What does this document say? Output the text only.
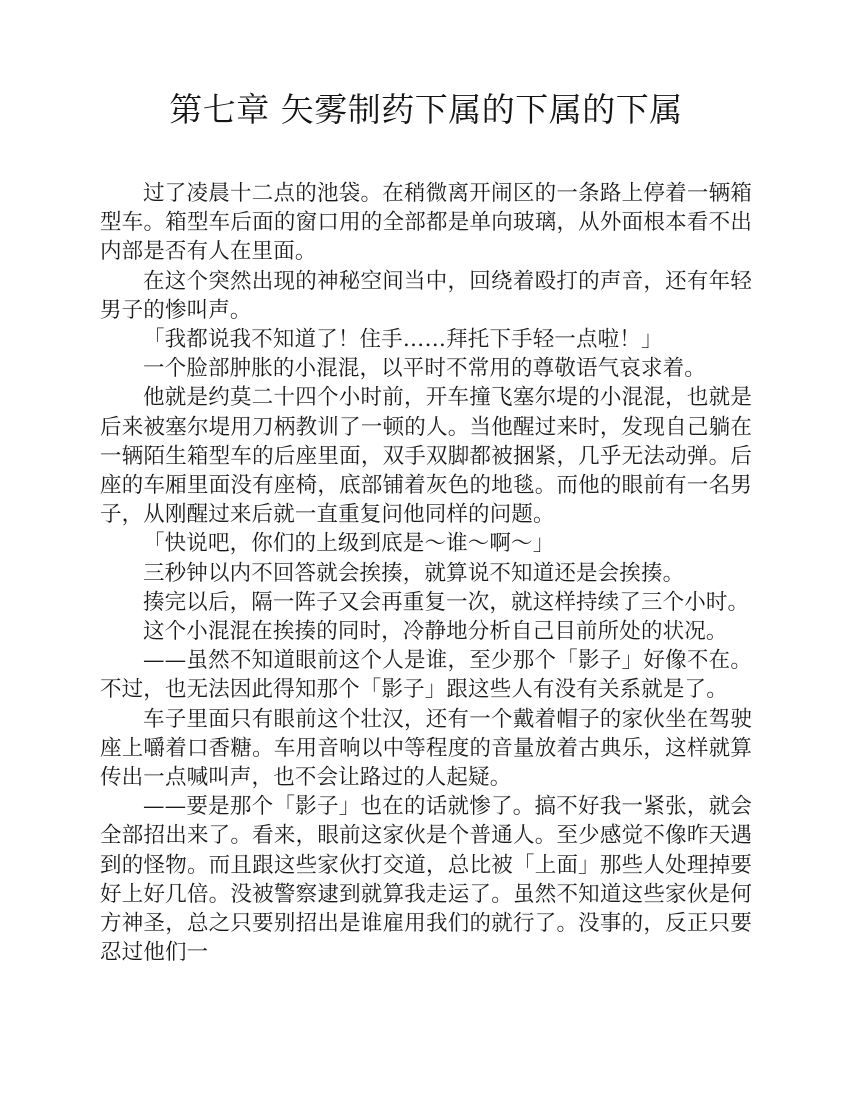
第七章 矢雾制药下属的下属的下属

过了凌晨十二点的池袋。在稍微离开闹区的一条路上停着一辆箱型车。箱型车后面的窗口用的全部都是单向玻璃，从外面根本看不出内部是否有人在里面。

在这个突然出现的神秘空间当中，回绕着殴打的声音，还有年轻男子的惨叫声。

「我都说我不知道了！住手……拜托下手轻一点啦！」

一个脸部肿胀的小混混，以平时不常用的尊敬语气哀求着。

他就是约莫二十四个小时前，开车撞飞塞尔堤的小混混，也就是后来被塞尔堤用刀柄教训了一顿的人。当他醒过来时，发现自己躺在一辆陌生箱型车的后座里面，双手双脚都被捆紧，几乎无法动弹。后座的车厢里面没有座椅，底部铺着灰色的地毯。而他的眼前有一名男子，从刚醒过来后就一直重复问他同样的问题。

「快说吧，你们的上级到底是～谁～啊～」

三秒钟以内不回答就会挨揍，就算说不知道还是会挨揍。

揍完以后，隔一阵子又会再重复一次，就这样持续了三个小时。

这个小混混在挨揍的同时，冷静地分析自己目前所处的状况。

——虽然不知道眼前这个人是谁，至少那个「影子」好像不在。不过，也无法因此得知那个「影子」跟这些人有没有关系就是了。

车子里面只有眼前这个壮汉，还有一个戴着帽子的家伙坐在驾驶座上嚼着口香糖。车用音响以中等程度的音量放着古典乐，这样就算传出一点喊叫声，也不会让路过的人起疑。

——要是那个「影子」也在的话就惨了。搞不好我一紧张，就会全部招出来了。看来，眼前这家伙是个普通人。至少感觉不像昨天遇到的怪物。而且跟这些家伙打交道，总比被「上面」那些人处理掉要好上好几倍。没被警察逮到就算我走运了。虽然不知道这些家伙是何方神圣，总之只要别招出是谁雇用我们的就行了。没事的，反正只要忍过他们一
